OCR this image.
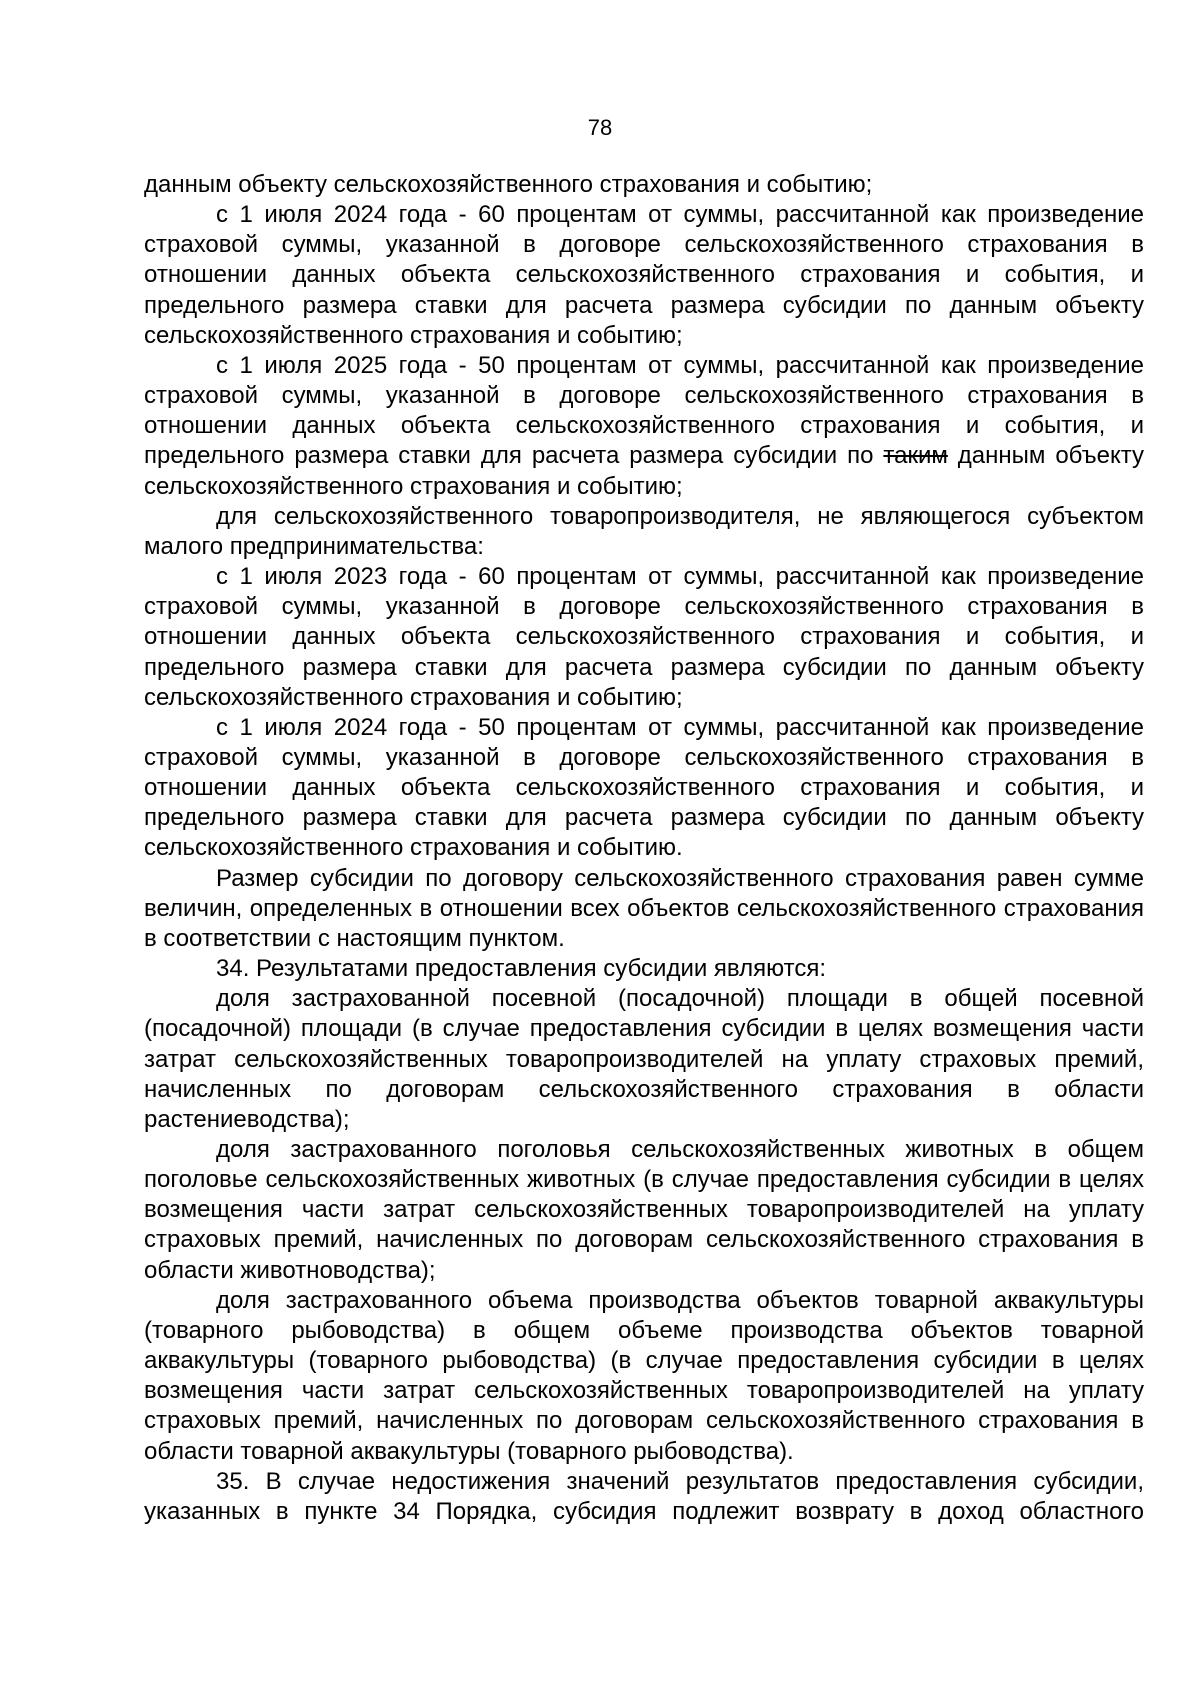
78

данным объекту сельскохозяйственного страхования и событию;

с 1 июля 2024 года - 60 процентам от суммы, рассчитанной как произведение страховой суммы, указанной в договоре сельскохозяйственного страхования в отношении данных объекта сельскохозяйственного страхования и события, и предельного размера ставки для расчета размера субсидии по данным объекту сельскохозяйственного страхования и событию;

с 1 июля 2025 года - 50 процентам от суммы, рассчитанной как произведение страховой суммы, указанной в договоре сельскохозяйственного страхования в отношении данных объекта сельскохозяйственного страхования и события, и предельного размера ставки для расчета размера субсидии по таким данным объекту сельскохозяйственного страхования и событию;

для сельскохозяйственного товаропроизводителя, не являющегося субъектом малого предпринимательства:

с 1 июля 2023 года - 60 процентам от суммы, рассчитанной как произведение страховой суммы, указанной в договоре сельскохозяйственного страхования в отношении данных объекта сельскохозяйственного страхования и события, и предельного размера ставки для расчета размера субсидии по данным объекту сельскохозяйственного страхования и событию;

с 1 июля 2024 года - 50 процентам от суммы, рассчитанной как произведение страховой суммы, указанной в договоре сельскохозяйственного страхования в отношении данных объекта сельскохозяйственного страхования и события, и предельного размера ставки для расчета размера субсидии по данным объекту сельскохозяйственного страхования и событию.

Размер субсидии по договору сельскохозяйственного страхования равен сумме величин, определенных в отношении всех объектов сельскохозяйственного страхования в соответствии с настоящим пунктом.

34. Результатами предоставления субсидии являются:

доля застрахованной посевной (посадочной) площади в общей посевной (посадочной) площади (в случае предоставления субсидии в целях возмещения части затрат сельскохозяйственных товаропроизводителей на уплату страховых премий, начисленных по договорам сельскохозяйственного страхования в области растениеводства);

доля застрахованного поголовья сельскохозяйственных животных в общем поголовье сельскохозяйственных животных (в случае предоставления субсидии в целях возмещения части затрат сельскохозяйственных товаропроизводителей на уплату страховых премий, начисленных по договорам сельскохозяйственного страхования в области животноводства);

доля застрахованного объема производства объектов товарной аквакультуры (товарного рыбоводства) в общем объеме производства объектов товарной аквакультуры (товарного рыбоводства) (в случае предоставления субсидии в целях возмещения части затрат сельскохозяйственных товаропроизводителей на уплату страховых премий, начисленных по договорам сельскохозяйственного страхования в области товарной аквакультуры (товарного рыбоводства).

35. В случае недостижения значений результатов предоставления субсидии, указанных в пункте 34 Порядка, субсидия подлежит возврату в доход областного
